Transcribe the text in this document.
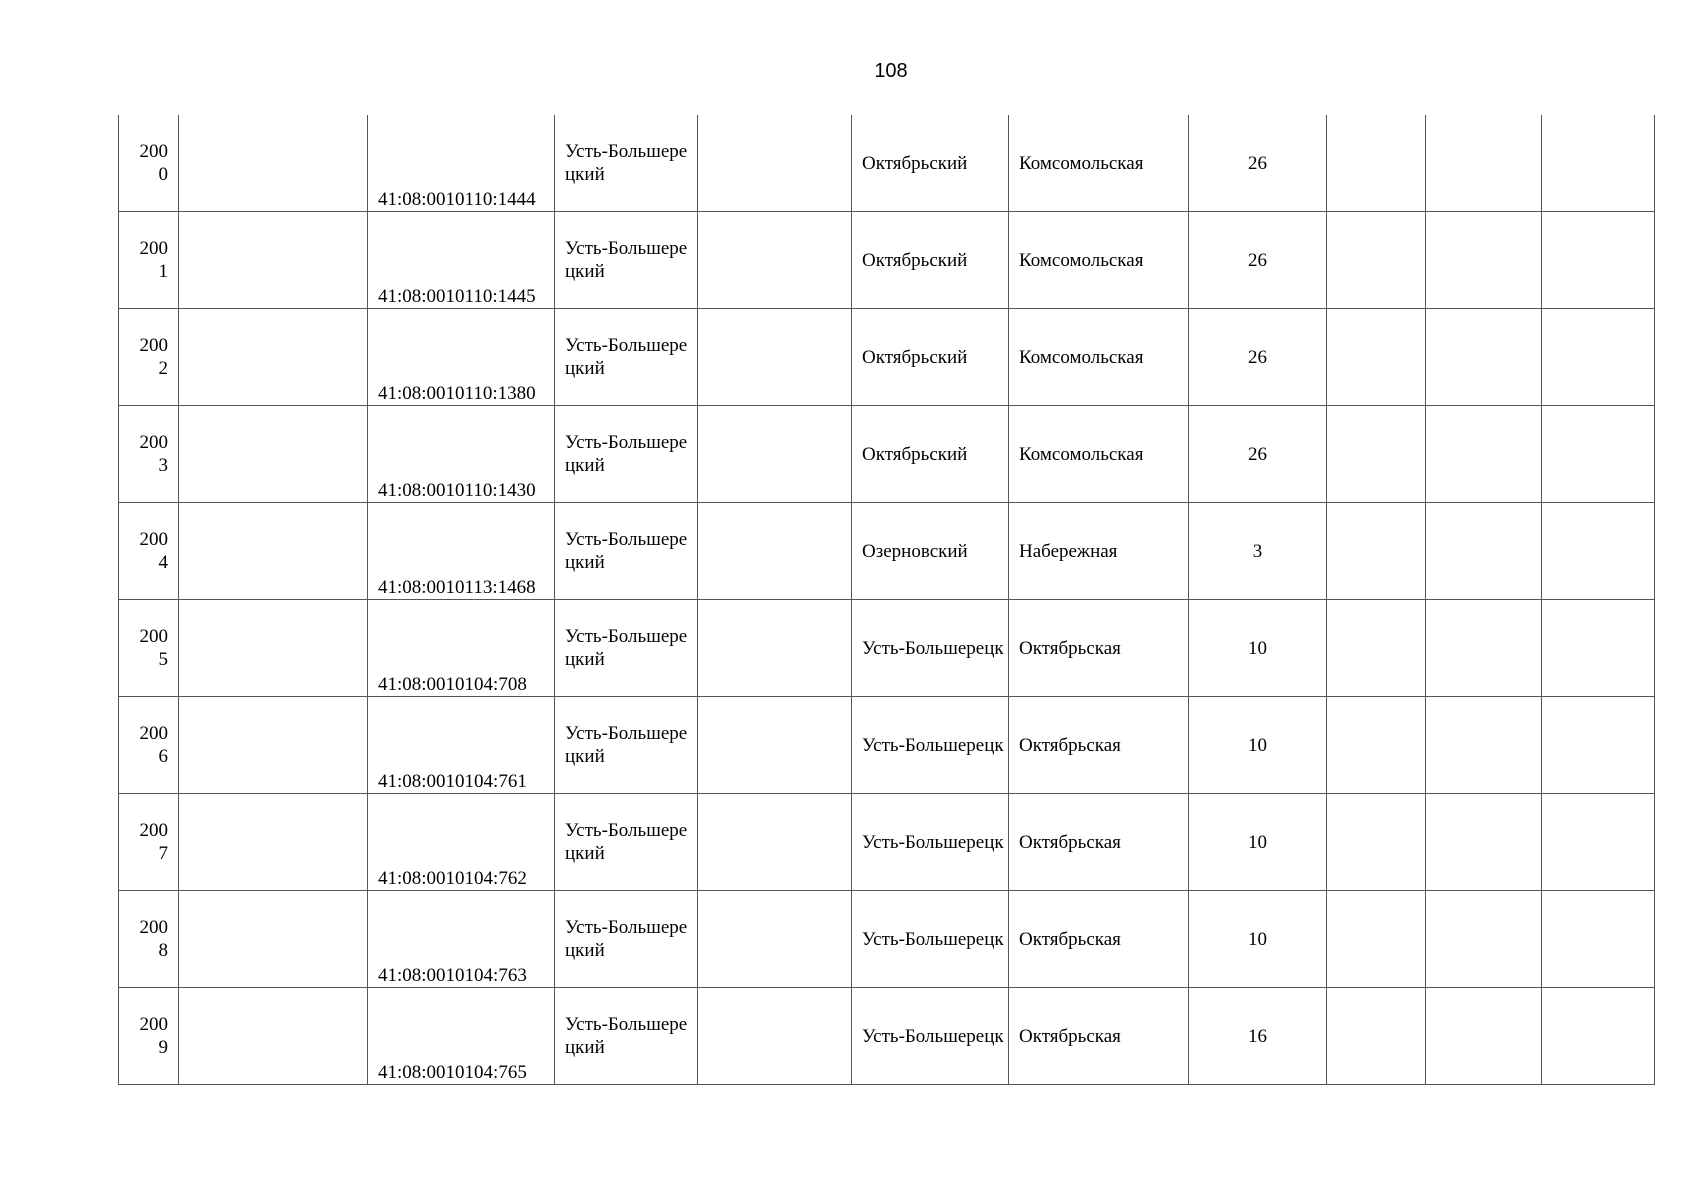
108
2000		41:08:0010110:1444	Усть-Большерецкий		Октябрьский	Комсомольская	26			
2001		41:08:0010110:1445	Усть-Большерецкий		Октябрьский	Комсомольская	26			
2002		41:08:0010110:1380	Усть-Большерецкий		Октябрьский	Комсомольская	26			
2003		41:08:0010110:1430	Усть-Большерецкий		Октябрьский	Комсомольская	26			
2004		41:08:0010113:1468	Усть-Большерецкий		Озерновский	Набережная	3			
2005		41:08:0010104:708	Усть-Большерецкий		Усть-Большерецк	Октябрьская	10			
2006		41:08:0010104:761	Усть-Большерецкий		Усть-Большерецк	Октябрьская	10			
2007		41:08:0010104:762	Усть-Большерецкий		Усть-Большерецк	Октябрьская	10			
2008		41:08:0010104:763	Усть-Большерецкий		Усть-Большерецк	Октябрьская	10			
2009		41:08:0010104:765	Усть-Большерецкий		Усть-Большерецк	Октябрьская	16			
